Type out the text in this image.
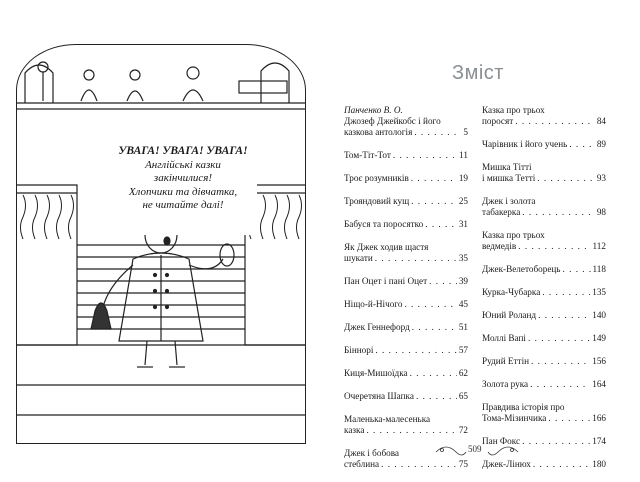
УВАГА! УВАГА! УВАГА!
Англійські казки
закінчилися!
Хлопчики та дівчатка,
не читайте далі!
Зміст
Панченко В. О.
Джозеф Джейкобс і його
казкова антологія . . .	5
Том-Тіт-Тот . . .	11
Троє розумників . . .	19
Трояндовий кущ . . .	25
Бабуся та поросятко . . .	31
Як Джек ходив щастя
шукати . . .	35
Пан Оцет і пані Оцет . . .	39
Ніщо-й-Нічого . . .	45
Джек Геннефорд . . .	51
Біннорі . . .	57
Киця-Мишоїдка . . .	62
Очеретяна Шапка . . .	65
Маленька-малесенька
казка . . .	72
Джек і бобова
стеблина . . .	75
Казка про трьох
поросят . . .	84
Чарівник і його учень . . .	89
Мишка Тітті
і мишка Тетті . . .	93
Джек і золота
табакерка . . .	98
Казка про трьох
ведмедів . . .	112
Джек-Велетоборець . . .	118
Курка-Чубарка . . .	135
Юний Роланд . . .	140
Моллі Вапі . . .	149
Рудий Еттін . . .	156
Золота рука . . .	164
Правдива історія про
Тома-Мізинчика . . .	166
Пан Фокс . . .	174
Джек-Лінюх . . .	180
509
